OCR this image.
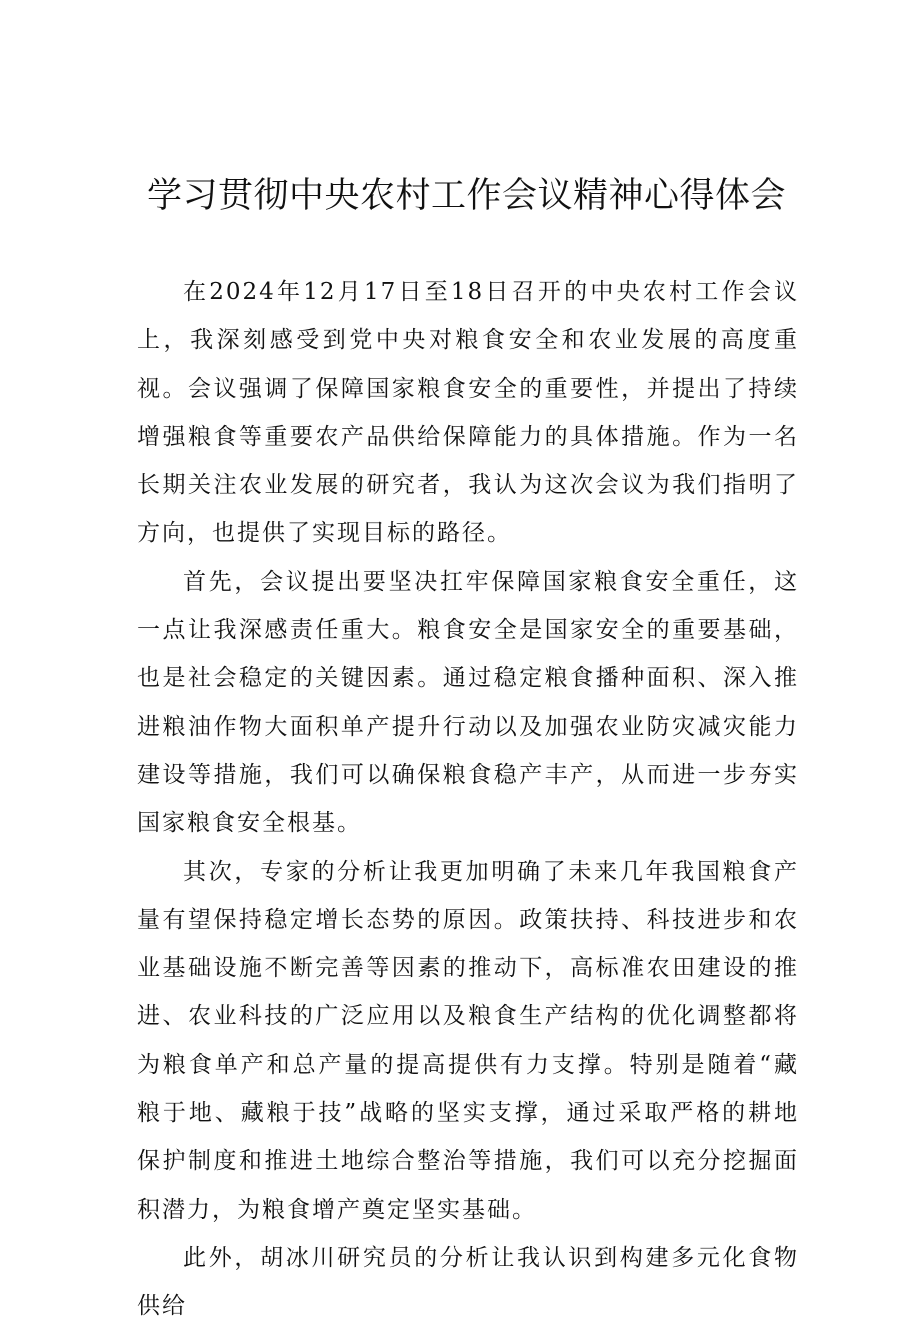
学习贯彻中央农村工作会议精神心得体会

在2024年12月17日至18日召开的中央农村工作会议上，我深刻感受到党中央对粮食安全和农业发展的高度重视。会议强调了保障国家粮食安全的重要性，并提出了持续增强粮食等重要农产品供给保障能力的具体措施。作为一名长期关注农业发展的研究者，我认为这次会议为我们指明了方向，也提供了实现目标的路径。

首先，会议提出要坚决扛牢保障国家粮食安全重任，这一点让我深感责任重大。粮食安全是国家安全的重要基础，也是社会稳定的关键因素。通过稳定粮食播种面积、深入推进粮油作物大面积单产提升行动以及加强农业防灾减灾能力建设等措施，我们可以确保粮食稳产丰产，从而进一步夯实国家粮食安全根基。

其次，专家的分析让我更加明确了未来几年我国粮食产量有望保持稳定增长态势的原因。政策扶持、科技进步和农业基础设施不断完善等因素的推动下，高标准农田建设的推进、农业科技的广泛应用以及粮食生产结构的优化调整都将为粮食单产和总产量的提高提供有力支撑。特别是随着“藏粮于地、藏粮于技”战略的坚实支撑，通过采取严格的耕地保护制度和推进土地综合整治等措施，我们可以充分挖掘面积潜力，为粮食增产奠定坚实基础。

此外，胡冰川研究员的分析让我认识到构建多元化食物供给
